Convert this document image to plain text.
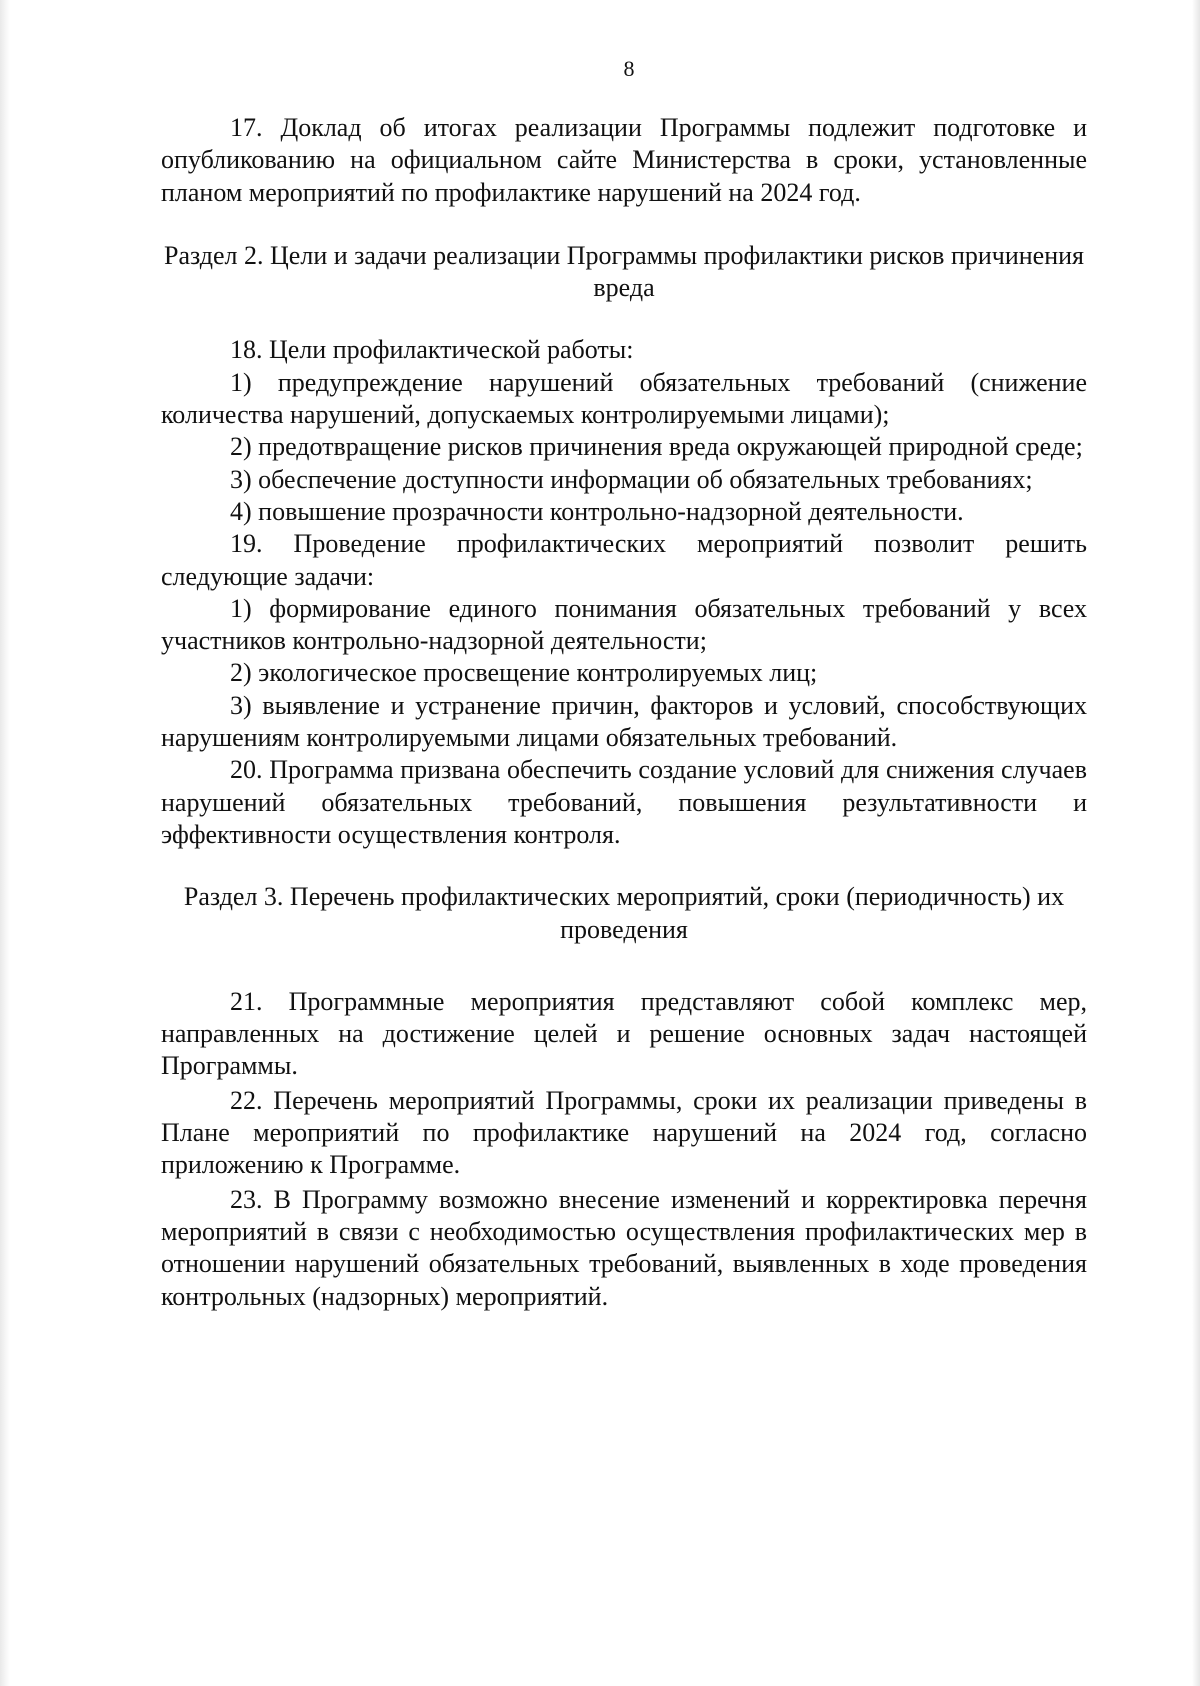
8

17. Доклад об итогах реализации Программы подлежит подготовке и опубликованию на официальном сайте Министерства в сроки, установленные планом мероприятий по профилактике нарушений на 2024 год.

Раздел 2. Цели и задачи реализации Программы профилактики рисков причинения вреда

18. Цели профилактической работы:

1) предупреждение нарушений обязательных требований (снижение количества нарушений, допускаемых контролируемыми лицами);

2) предотвращение рисков причинения вреда окружающей природной среде;

3) обеспечение доступности информации об обязательных требованиях;

4) повышение прозрачности контрольно-надзорной деятельности.

19. Проведение профилактических мероприятий позволит решить следующие задачи:

1) формирование единого понимания обязательных требований у всех участников контрольно-надзорной деятельности;

2) экологическое просвещение контролируемых лиц;

3) выявление и устранение причин, факторов и условий, способствующих нарушениям контролируемыми лицами обязательных требований.

20. Программа призвана обеспечить создание условий для снижения случаев нарушений обязательных требований, повышения результативности и эффективности осуществления контроля.

Раздел 3. Перечень профилактических мероприятий, сроки (периодичность) их проведения

21. Программные мероприятия представляют собой комплекс мер, направленных на достижение целей и решение основных задач настоящей Программы.

22. Перечень мероприятий Программы, сроки их реализации приведены в Плане мероприятий по профилактике нарушений на 2024 год, согласно приложению к Программе.

23. В Программу возможно внесение изменений и корректировка перечня мероприятий в связи с необходимостью осуществления профилактических мер в отношении нарушений обязательных требований, выявленных в ходе проведения контрольных (надзорных) мероприятий.
